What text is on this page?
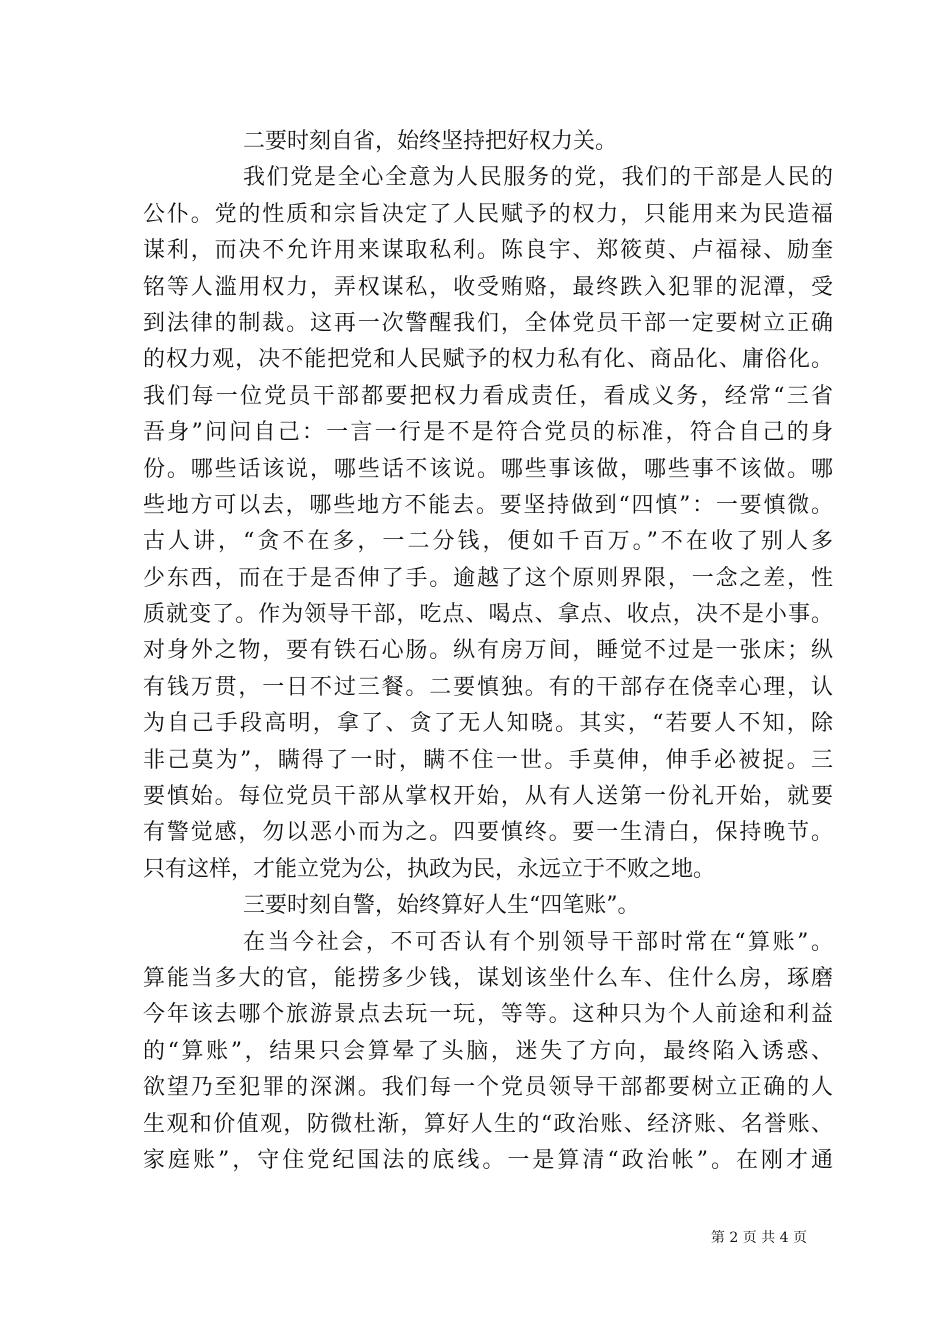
二要时刻自省，始终坚持把好权力关。
我们党是全心全意为人民服务的党，我们的干部是人民的
公仆。党的性质和宗旨决定了人民赋予的权力，只能用来为民造福
谋利，而决不允许用来谋取私利。陈良宇、郑筱萸、卢福禄、励奎
铭等人滥用权力，弄权谋私，收受贿赂，最终跌入犯罪的泥潭，受
到法律的制裁。这再一次警醒我们，全体党员干部一定要树立正确
的权力观，决不能把党和人民赋予的权力私有化、商品化、庸俗化。
我们每一位党员干部都要把权力看成责任，看成义务，经常“三省
吾身”问问自己：一言一行是不是符合党员的标准，符合自己的身
份。哪些话该说，哪些话不该说。哪些事该做，哪些事不该做。哪
些地方可以去，哪些地方不能去。要坚持做到“四慎”：一要慎微。
古人讲，“贪不在多，一二分钱，便如千百万。”不在收了别人多
少东西，而在于是否伸了手。逾越了这个原则界限，一念之差，性
质就变了。作为领导干部，吃点、喝点、拿点、收点，决不是小事。
对身外之物，要有铁石心肠。纵有房万间，睡觉不过是一张床；纵
有钱万贯，一日不过三餐。二要慎独。有的干部存在侥幸心理，认
为自己手段高明，拿了、贪了无人知晓。其实，“若要人不知，除
非己莫为”，瞒得了一时，瞒不住一世。手莫伸，伸手必被捉。三
要慎始。每位党员干部从掌权开始，从有人送第一份礼开始，就要
有警觉感，勿以恶小而为之。四要慎终。要一生清白，保持晚节。
只有这样，才能立党为公，执政为民，永远立于不败之地。
三要时刻自警，始终算好人生“四笔账”。
在当今社会，不可否认有个别领导干部时常在“算账”。
算能当多大的官，能捞多少钱，谋划该坐什么车、住什么房，琢磨
今年该去哪个旅游景点去玩一玩，等等。这种只为个人前途和利益
的“算账”，结果只会算晕了头脑，迷失了方向，最终陷入诱惑、
欲望乃至犯罪的深渊。我们每一个党员领导干部都要树立正确的人
生观和价值观，防微杜渐，算好人生的“政治账、经济账、名誉账、
家庭账”，守住党纪国法的底线。一是算清“政治帐”。在刚才通
第 2 页 共 4 页
